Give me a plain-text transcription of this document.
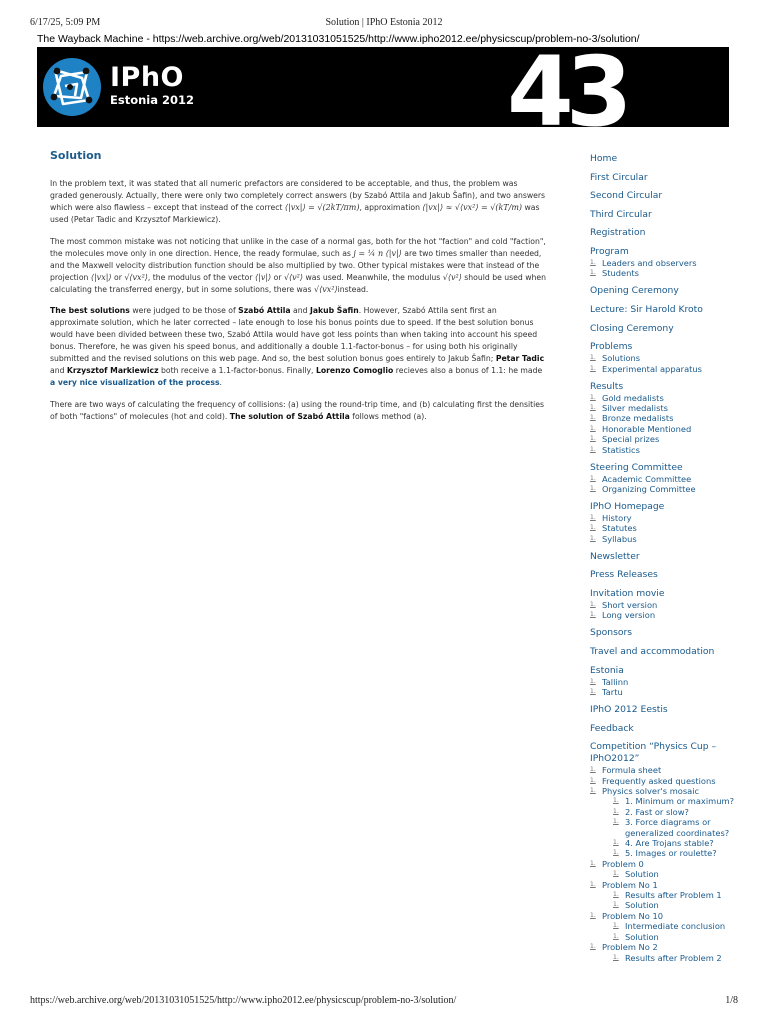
6/17/25, 5:09 PM	Solution | IPhO Estonia 2012
The Wayback Machine - https://web.archive.org/web/20131031051525/http://www.ipho2012.ee/physicscup/problem-no-3/solution/
IPhO
Estonia 2012	43
Solution

In the problem text, it was stated that all numeric prefactors are considered to be acceptable, and thus, the problem was graded generously. Actually, there were only two completely correct answers (by Szabó Attila and Jakub Šafin), and two answers which were also flawless – except that instead of the correct ⟨|vx|⟩ = √(2kT/πm), approximation ⟨|vx|⟩ ≈ √⟨vx²⟩ = √(kT/m) was used (Petar Tadic and Krzysztof Markiewicz).

The most common mistake was not noticing that unlike in the case of a normal gas, both for the hot "faction" and cold "faction", the molecules move only in one direction. Hence, the ready formulae, such as j = ¼ n ⟨|v|⟩ are two times smaller than needed, and the Maxwell velocity distribution function should be also multiplied by two. Other typical mistakes were that instead of the projection ⟨|vx|⟩ or √⟨vx²⟩, the modulus of the vector ⟨|v|⟩ or √⟨v²⟩ was used. Meanwhile, the modulus √⟨v²⟩ should be used when calculating the transferred energy, but in some solutions, there was √⟨vx²⟩instead.

The best solutions were judged to be those of Szabó Attila and Jakub Šafin. However, Szabó Attila sent first an approximate solution, which he later corrected – late enough to lose his bonus points due to speed. If the best solution bonus would have been divided between these two, Szabó Attila would have got less points than when taking into account his speed bonus. Therefore, he was given his speed bonus, and additionally a double 1.1-factor-bonus – for using both his originally submitted and the revised solutions on this web page. And so, the best solution bonus goes entirely to Jakub Šafin; Petar Tadic and Krzysztof Markiewicz both receive a 1.1-factor-bonus. Finally, Lorenzo Comoglio recieves also a bonus of 1.1: he made a very nice visualization of the process.

There are two ways of calculating the frequency of collisions: (a) using the round-trip time, and (b) calculating first the densities of both "factions" of molecules (hot and cold). The solution of Szabó Attila follows method (a).

Home
First Circular
Second Circular
Third Circular
Registration
Program
1. Leaders and observers
1. Students
Opening Ceremony
Lecture: Sir Harold Kroto
Closing Ceremony
Problems
1. Solutions
1. Experimental apparatus
Results
1. Gold medalists
1. Silver medalists
1. Bronze medalists
1. Honorable Mentioned
1. Special prizes
1. Statistics
Steering Committee
1. Academic Committee
1. Organizing Committee
IPhO Homepage
1. History
1. Statutes
1. Syllabus
Newsletter
Press Releases
Invitation movie
1. Short version
1. Long version
Sponsors
Travel and accommodation
Estonia
1. Tallinn
1. Tartu
IPhO 2012 Eestis
Feedback
Competition “Physics Cup – IPhO2012”
1. Formula sheet
1. Frequently asked questions
1. Physics solver's mosaic
1. 1. Minimum or maximum?
1. 2. Fast or slow?
1. 3. Force diagrams or generalized coordinates?
1. 4. Are Trojans stable?
1. 5. Images or roulette?
1. Problem 0
1. Solution
1. Problem No 1
1. Results after Problem 1
1. Solution
1. Problem No 10
1. Intermediate conclusion
1. Solution
1. Problem No 2
1. Results after Problem 2
https://web.archive.org/web/20131031051525/http://www.ipho2012.ee/physicscup/problem-no-3/solution/	1/8
